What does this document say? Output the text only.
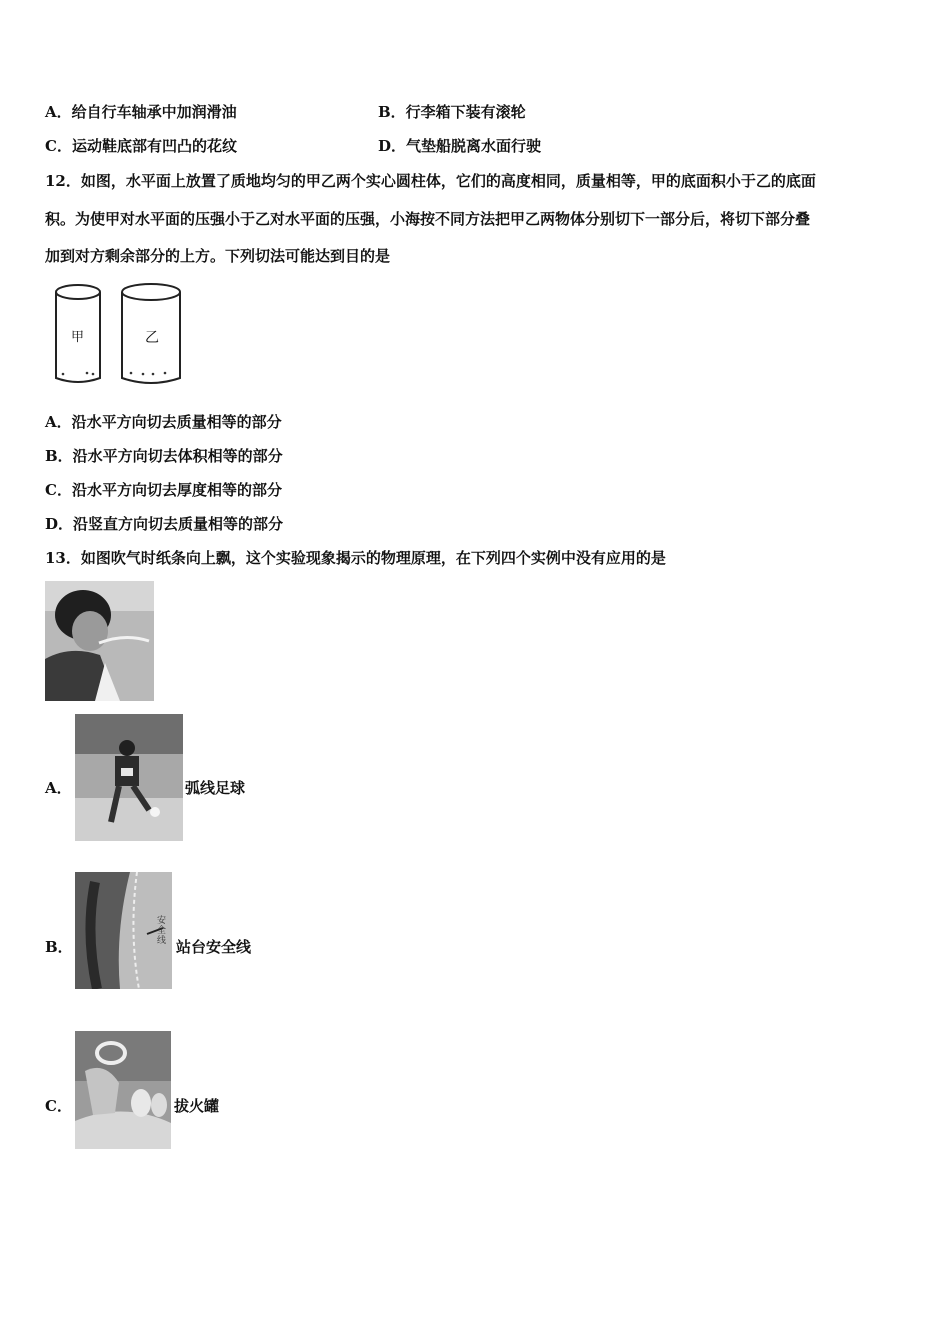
A．给自行车轴承中加润滑油	B．行李箱下装有滚轮
C．运动鞋底部有凹凸的花纹	D．气垫船脱离水面行驶
12．如图，水平面上放置了质地均匀的甲乙两个实心圆柱体，它们的高度相同，质量相等，甲的底面积小于乙的底面
积。为使甲对水平面的压强小于乙对水平面的压强，小海按不同方法把甲乙两物体分别切下一部分后，将切下部分叠
加到对方剩余部分的上方。下列切法可能达到目的是
甲	乙
A．沿水平方向切去质量相等的部分
B．沿水平方向切去体积相等的部分
C．沿水平方向切去厚度相等的部分
D．沿竖直方向切去质量相等的部分
13．如图吹气时纸条向上飘，这个实验现象揭示的物理原理，在下列四个实例中没有应用的是
A．	弧线足球
B．
安全线 站台安全线
C．	拔火罐
